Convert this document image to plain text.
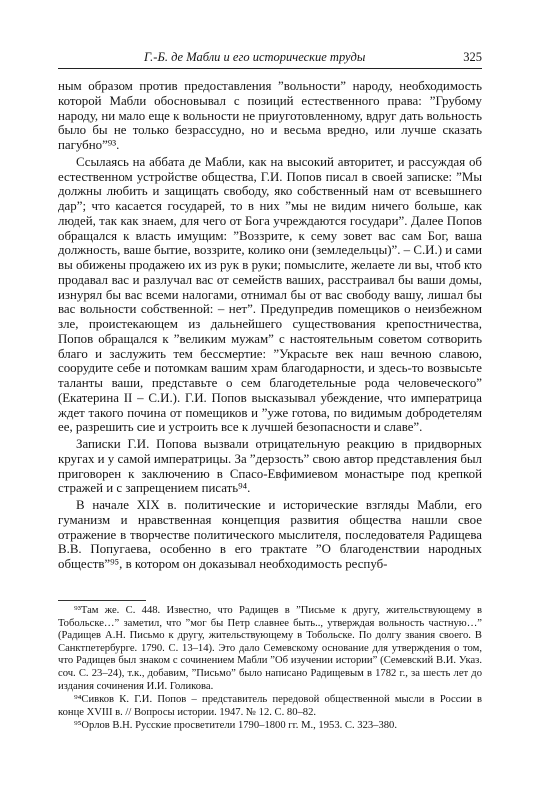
Г.-Б. де Мабли и его исторические труды	325

ным образом против предоставления ”вольности” народу, необходимость которой Мабли обосновывал с позиций естественного права: ”Грубому народу, ни мало еще к вольности не приуготовленному, вдруг дать вольность было бы не только безрассудно, но и весьма вредно, или лучше сказать пагубно”⁹³.

Ссылаясь на аббата де Мабли, как на высокий авторитет, и рассуждая об естественном устройстве общества, Г.И. Попов писал в своей записке: ”Мы должны любить и защищать свободу, яко собственный нам от всевышнего дар”; что касается государей, то в них ”мы не видим ничего больше, как людей, так как знаем, для чего от Бога учреждаются государи”. Далее Попов обращался к власть имущим: ”Воззрите, к сему зовет вас сам Бог, ваша должность, ваше бытие, воззрите, колико они (земледельцы)”. – С.И.) и сами вы обижены продажею их из рук в руки; помыслите, желаете ли вы, чтоб кто продавал вас и разлучал вас от семейств ваших, расстраивал бы ваши домы, изнурял бы вас всеми налогами, отнимал бы от вас свободу вашу, лишал бы вас вольности собственной: – нет”. Предупредив помещиков о неизбежном зле, проистекающем из дальнейшего существования крепостничества, Попов обращался к ”великим мужам” с настоятельным советом сотворить благо и заслужить тем бессмертие: ”Украсьте век наш вечною славою, соорудите себе и потомкам вашим храм благодарности, и здесь-то возвысьте таланты ваши, представьте о сем благодетельные рода человеческого” (Екатерина II – С.И.). Г.И. Попов высказывал убеждение, что императрица ждет такого почина от помещиков и ”уже готова, по видимым добродетелям ее, разрешить сие и устроить все к лучшей безопасности и славе”.

Записки Г.И. Попова вызвали отрицательную реакцию в придворных кругах и у самой императрицы. За ”дерзость” свою автор представления был приговорен к заключению в Спасо-Евфимиевом монастыре под крепкой стражей и с запрещением писать⁹⁴.

В начале XIX в. политические и исторические взгляды Мабли, его гуманизм и нравственная концепция развития общества нашли свое отражение в творчестве политического мыслителя, последователя Радищева В.В. Попугаева, особенно в его трактате ”О благоденствии народных обществ”⁹⁵, в котором он доказывал необходимость респуб-

⁹³Там же. С. 448. Известно, что Радищев в ”Письме к другу, жительствующему в Тобольске…” заметил, что ”мог бы Петр славнее быть.., утверждая вольность частную…” (Радищев А.Н. Письмо к другу, жительствующему в Тобольске. По долгу звания своего. В Санктпетербурге. 1790. С. 13–14). Это дало Семевскому основание для утверждения о том, что Радищев был знаком с сочинением Мабли ”Об изучении истории” (Семевский В.И. Указ. соч. С. 23–24), т.к., добавим, ”Письмо” было написано Радищевым в 1782 г., за шесть лет до издания сочинения И.И. Голикова.

⁹⁴Сивков К. Г.И. Попов – представитель передовой общественной мысли в России в конце XVIII в. // Вопросы истории. 1947. № 12. С. 80–82.

⁹⁵Орлов В.Н. Русские просветители 1790–1800 гг. М., 1953. С. 323–380.
